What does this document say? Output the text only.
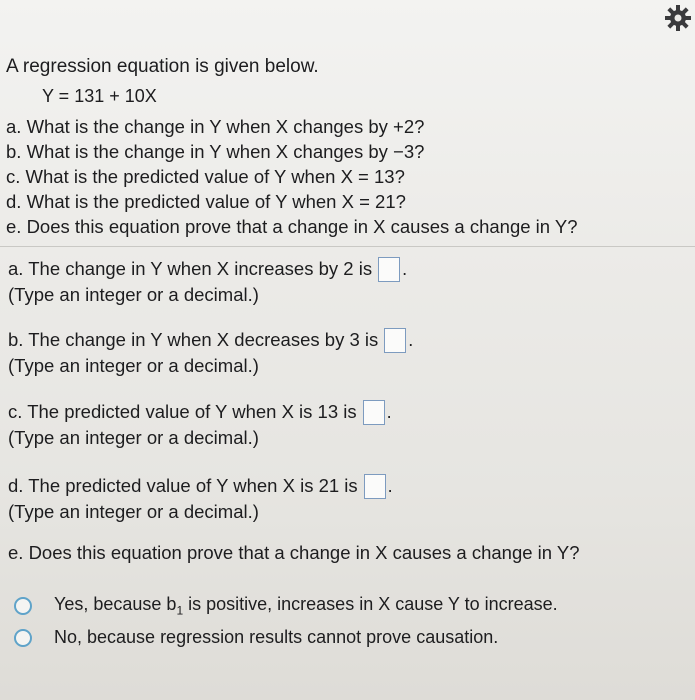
A regression equation is given below.
Y = 131 + 10X
a. What is the change in Y when X changes by +2?
b. What is the change in Y when X changes by −3?
c. What is the predicted value of Y when X = 13?
d. What is the predicted value of Y when X = 21?
e. Does this equation prove that a change in X causes a change in Y?
a. The change in Y when X increases by 2 is .
(Type an integer or a decimal.)
b. The change in Y when X decreases by 3 is .
(Type an integer or a decimal.)
c. The predicted value of Y when X is 13 is .
(Type an integer or a decimal.)
d. The predicted value of Y when X is 21 is .
(Type an integer or a decimal.)
e. Does this equation prove that a change in X causes a change in Y?
Yes, because $b_1$ is positive, increases in X cause Y to increase.
No, because regression results cannot prove causation.
